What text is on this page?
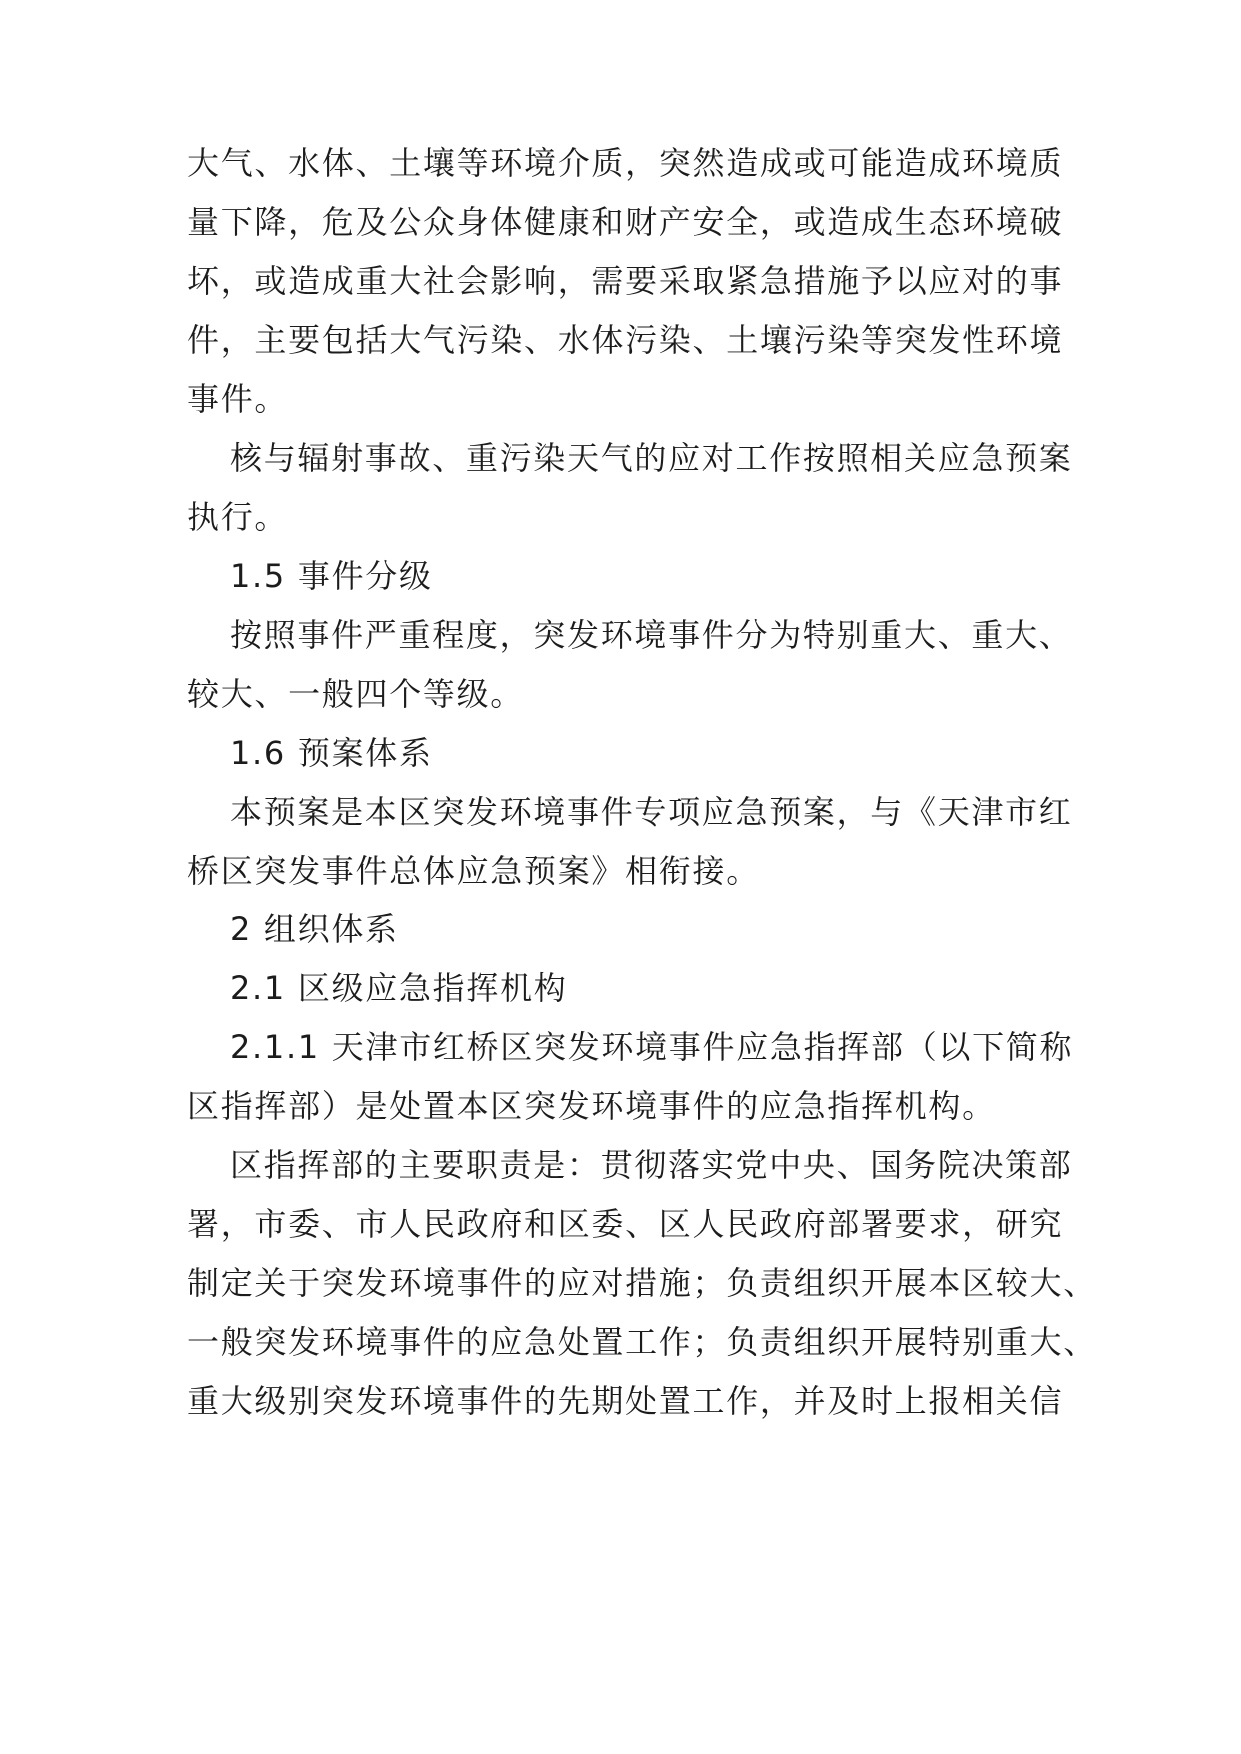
大气、水体、土壤等环境介质，突然造成或可能造成环境质

量下降，危及公众身体健康和财产安全，或造成生态环境破

坏，或造成重大社会影响，需要采取紧急措施予以应对的事

件，主要包括大气污染、水体污染、土壤污染等突发性环境

事件。

核与辐射事故、重污染天气的应对工作按照相关应急预案

执行。

1.5 事件分级

按照事件严重程度，突发环境事件分为特别重大、重大、

较大、一般四个等级。

1.6 预案体系

本预案是本区突发环境事件专项应急预案，与《天津市红

桥区突发事件总体应急预案》相衔接。

2 组织体系

2.1 区级应急指挥机构

2.1.1 天津市红桥区突发环境事件应急指挥部（以下简称

区指挥部）是处置本区突发环境事件的应急指挥机构。

区指挥部的主要职责是：贯彻落实党中央、国务院决策部

署，市委、市人民政府和区委、区人民政府部署要求，研究

制定关于突发环境事件的应对措施；负责组织开展本区较大、

一般突发环境事件的应急处置工作；负责组织开展特别重大、

重大级别突发环境事件的先期处置工作，并及时上报相关信
